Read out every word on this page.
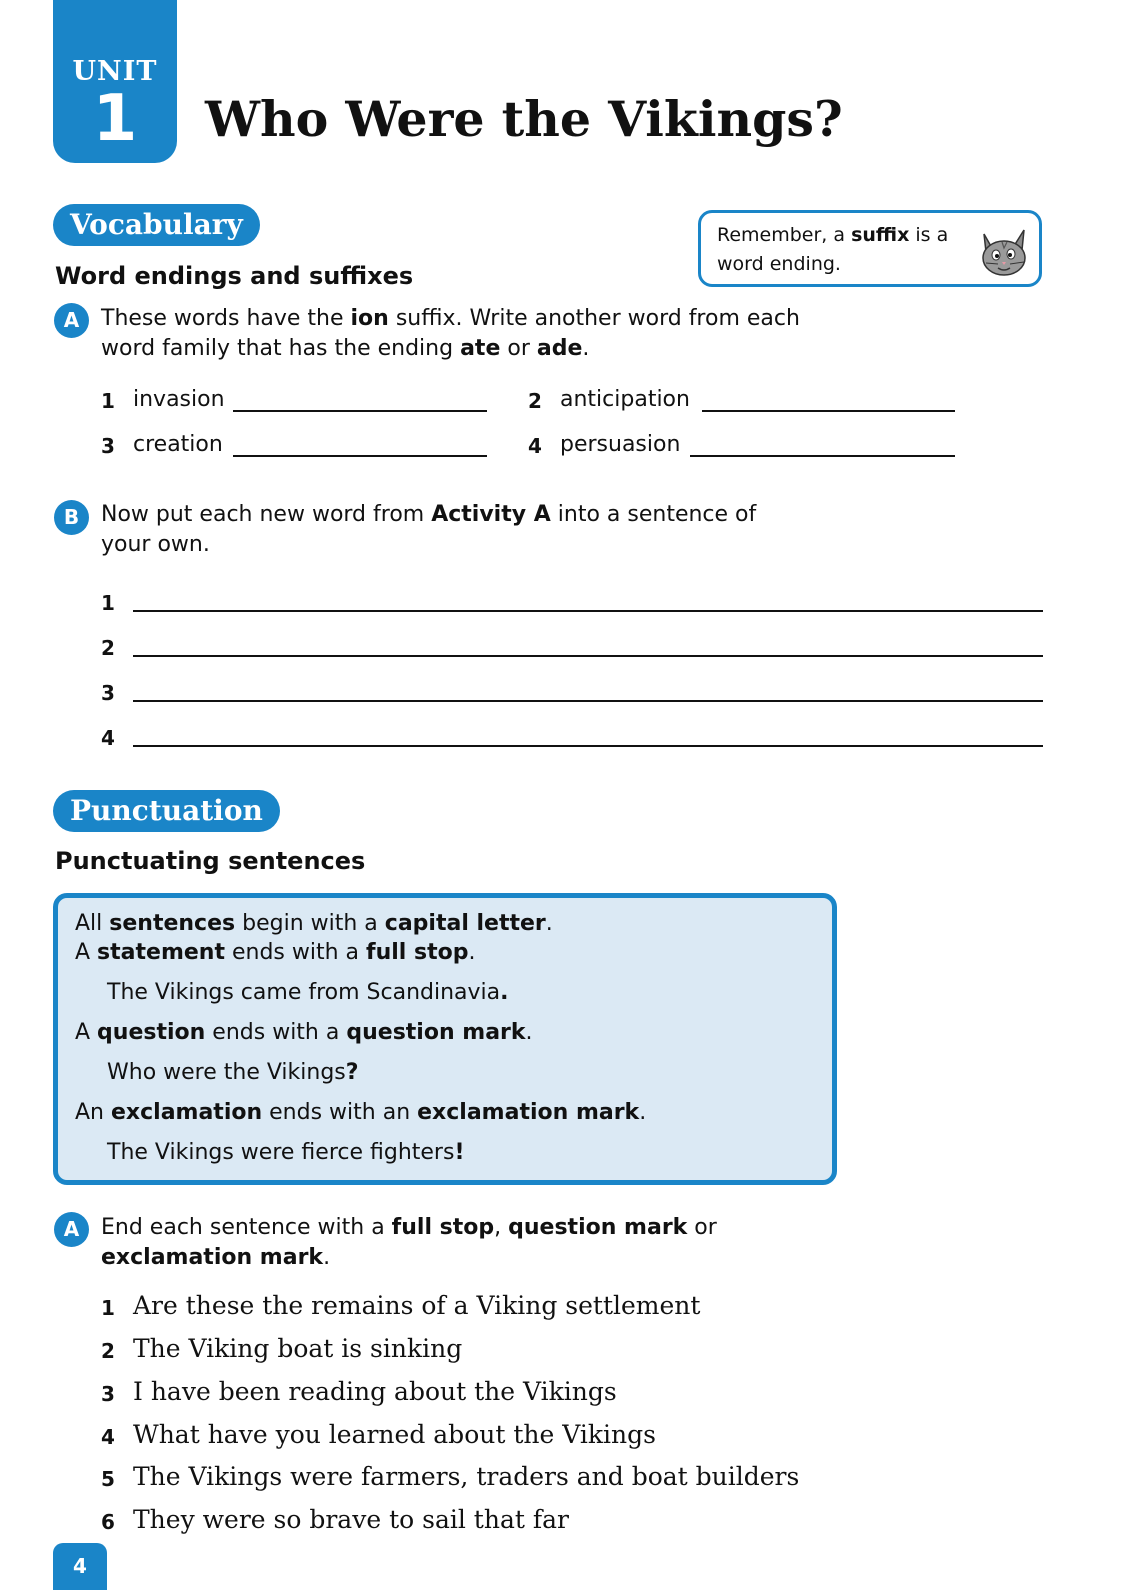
UNIT
1	Who Were the Vikings?
Vocabulary
Word endings and suffixes
Remember, a suffix is a word ending.
A These words have the ion suffix. Write another word from each word family that has the ending ate or ade.
1 invasion	2 anticipation
3 creation	4 persuasion
B Now put each new word from Activity A into a sentence of your own.
1
2
3
4
Punctuation
Punctuating sentences
All sentences begin with a capital letter.
A statement ends with a full stop.
The Vikings came from Scandinavia.
A question ends with a question mark.
Who were the Vikings?
An exclamation ends with an exclamation mark.
The Vikings were fierce fighters!
A End each sentence with a full stop, question mark or exclamation mark.
1 Are these the remains of a Viking settlement
2 The Viking boat is sinking
3 I have been reading about the Vikings
4 What have you learned about the Vikings
5 The Vikings were farmers, traders and boat builders
6 They were so brave to sail that far
4
